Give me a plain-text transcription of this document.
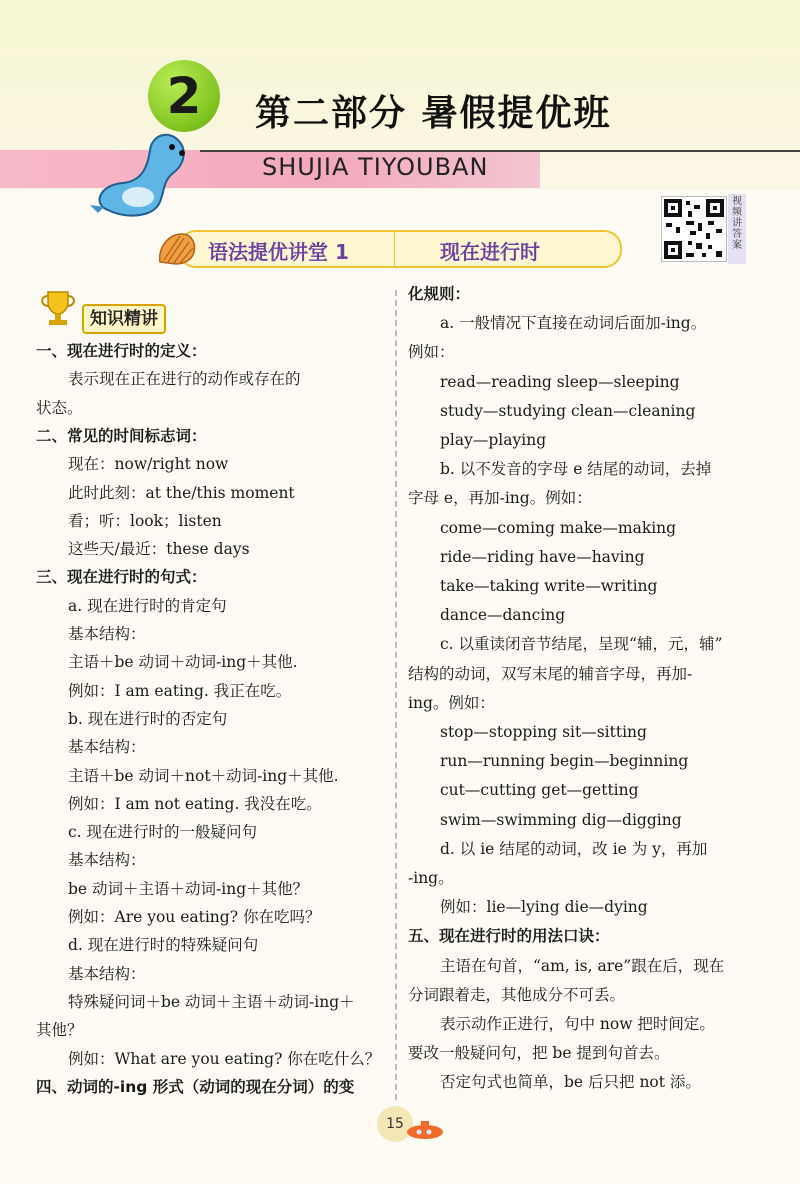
2	第二部分 暑假提优班
SHUJIA TIYOUBAN
视频讲答案
语法提优讲堂 1	现在进行时
知识精讲
一、现在进行时的定义：
表示现在正在进行的动作或存在的
状态。
二、常见的时间标志词：
现在：now/right now
此时此刻：at the/this moment
看；听：look；listen
这些天/最近：these days
三、现在进行时的句式：
a. 现在进行时的肯定句
基本结构：
主语＋be 动词＋动词-ing＋其他.
例如：I am eating. 我正在吃。
b. 现在进行时的否定句
基本结构：
主语＋be 动词＋not＋动词-ing＋其他.
例如：I am not eating. 我没在吃。
c. 现在进行时的一般疑问句
基本结构：
be 动词＋主语＋动词-ing＋其他？
例如：Are you eating? 你在吃吗？
d. 现在进行时的特殊疑问句
基本结构：
特殊疑问词＋be 动词＋主语＋动词-ing＋
其他？
例如：What are you eating? 你在吃什么？
四、动词的-ing 形式（动词的现在分词）的变
化规则：
a. 一般情况下直接在动词后面加-ing。
例如：
read—reading sleep—sleeping
study—studying clean—cleaning
play—playing
b. 以不发音的字母 e 结尾的动词，去掉
字母 e，再加-ing。例如：
come—coming make—making
ride—riding have—having
take—taking write—writing
dance—dancing
c. 以重读闭音节结尾，呈现“辅，元，辅”
结构的动词，双写末尾的辅音字母，再加-
ing。例如：
stop—stopping sit—sitting
run—running begin—beginning
cut—cutting get—getting
swim—swimming dig—digging
d. 以 ie 结尾的动词，改 ie 为 y，再加
-ing。
例如：lie—lying die—dying
五、现在进行时的用法口诀：
主语在句首，“am, is, are”跟在后，现在
分词跟着走，其他成分不可丢。
表示动作正进行，句中 now 把时间定。
要改一般疑问句，把 be 提到句首去。
否定句式也简单，be 后只把 not 添。
15
